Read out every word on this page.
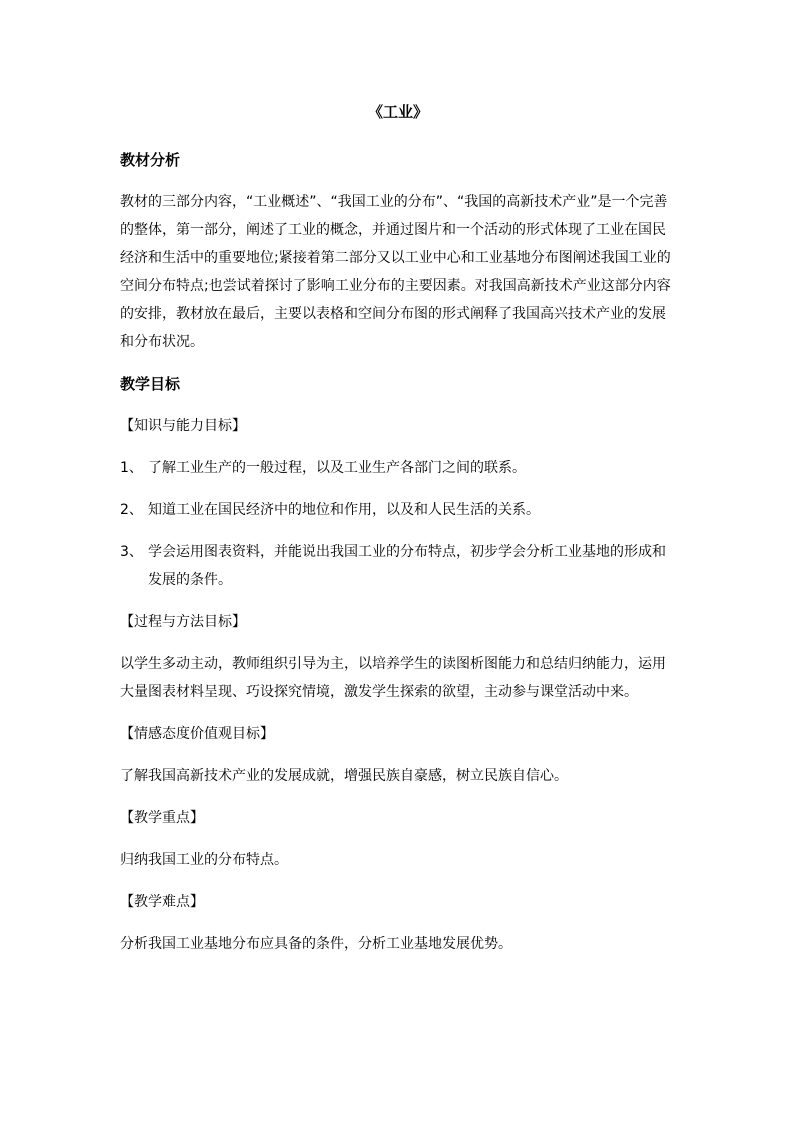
《工业》
教材分析
教材的三部分内容，“工业概述”、“我国工业的分布”、“我国的高新技术产业”是一个完善的整体，第一部分，阐述了工业的概念，并通过图片和一个活动的形式体现了工业在国民经济和生活中的重要地位;紧接着第二部分又以工业中心和工业基地分布图阐述我国工业的空间分布特点;也尝试着探讨了影响工业分布的主要因素。对我国高新技术产业这部分内容的安排，教材放在最后，主要以表格和空间分布图的形式阐释了我国高兴技术产业的发展和分布状况。
教学目标
【知识与能力目标】
1、 了解工业生产的一般过程，以及工业生产各部门之间的联系。
2、 知道工业在国民经济中的地位和作用，以及和人民生活的关系。
3、 学会运用图表资料，并能说出我国工业的分布特点，初步学会分析工业基地的形成和发展的条件。
【过程与方法目标】
以学生多动主动，教师组织引导为主，以培养学生的读图析图能力和总结归纳能力，运用大量图表材料呈现、巧设探究情境，激发学生探索的欲望，主动参与课堂活动中来。
【情感态度价值观目标】
了解我国高新技术产业的发展成就，增强民族自豪感，树立民族自信心。
【教学重点】
归纳我国工业的分布特点。
【教学难点】
分析我国工业基地分布应具备的条件，分析工业基地发展优势。
